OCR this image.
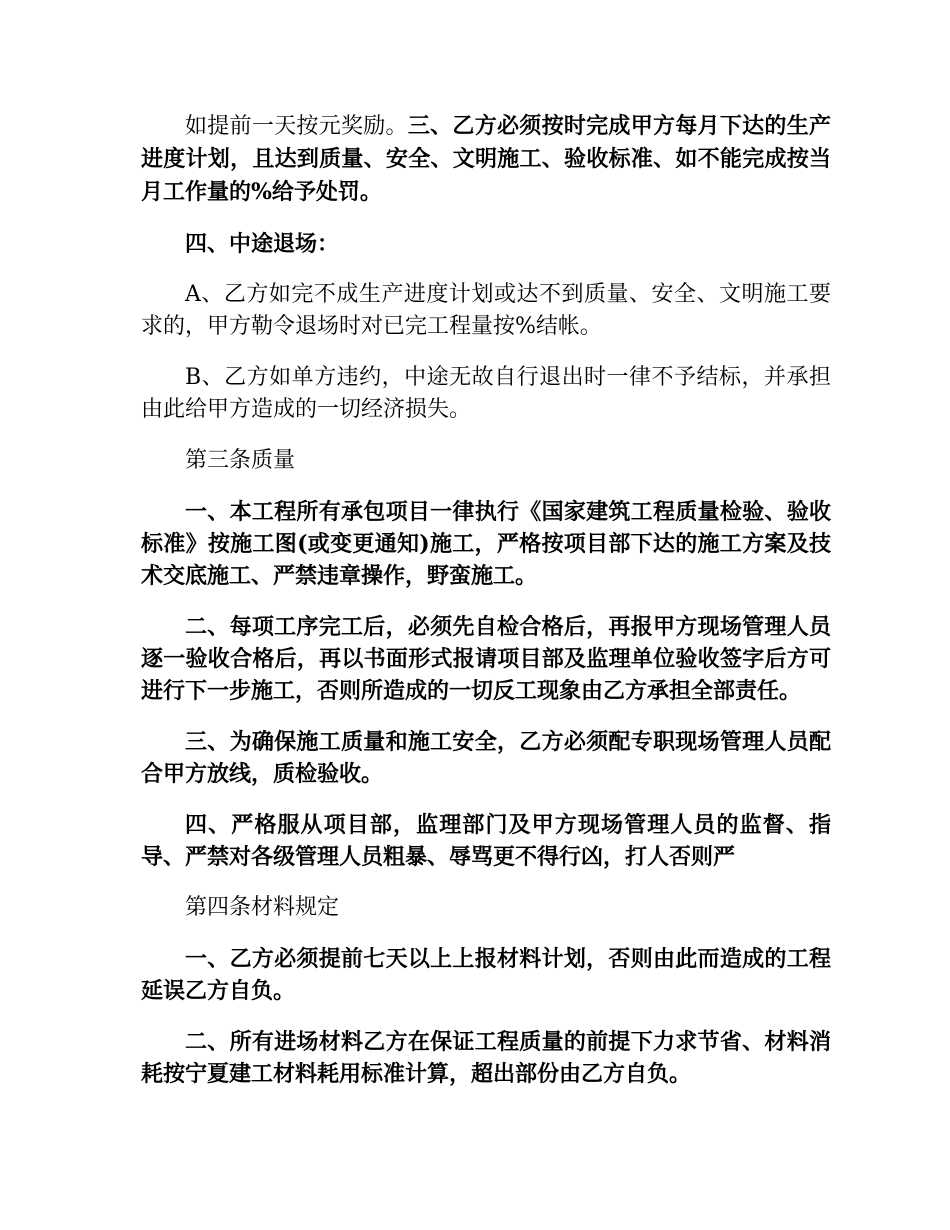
如提前一天按元奖励。三、乙方必须按时完成甲方每月下达的生产进度计划，且达到质量、安全、文明施工、验收标准、如不能完成按当月工作量的%给予处罚。

四、中途退场：

A、乙方如完不成生产进度计划或达不到质量、安全、文明施工要求的，甲方勒令退场时对已完工程量按%结帐。

B、乙方如单方违约，中途无故自行退出时一律不予结标，并承担由此给甲方造成的一切经济损失。

第三条质量

一、本工程所有承包项目一律执行《国家建筑工程质量检验、验收标准》按施工图(或变更通知)施工，严格按项目部下达的施工方案及技术交底施工、严禁违章操作，野蛮施工。

二、每项工序完工后，必须先自检合格后，再报甲方现场管理人员逐一验收合格后，再以书面形式报请项目部及监理单位验收签字后方可进行下一步施工，否则所造成的一切反工现象由乙方承担全部责任。

三、为确保施工质量和施工安全，乙方必须配专职现场管理人员配合甲方放线，质检验收。

四、严格服从项目部，监理部门及甲方现场管理人员的监督、指导、严禁对各级管理人员粗暴、辱骂更不得行凶，打人否则严

第四条材料规定

一、乙方必须提前七天以上上报材料计划，否则由此而造成的工程延误乙方自负。

二、所有进场材料乙方在保证工程质量的前提下力求节省、材料消耗按宁夏建工材料耗用标准计算，超出部份由乙方自负。
